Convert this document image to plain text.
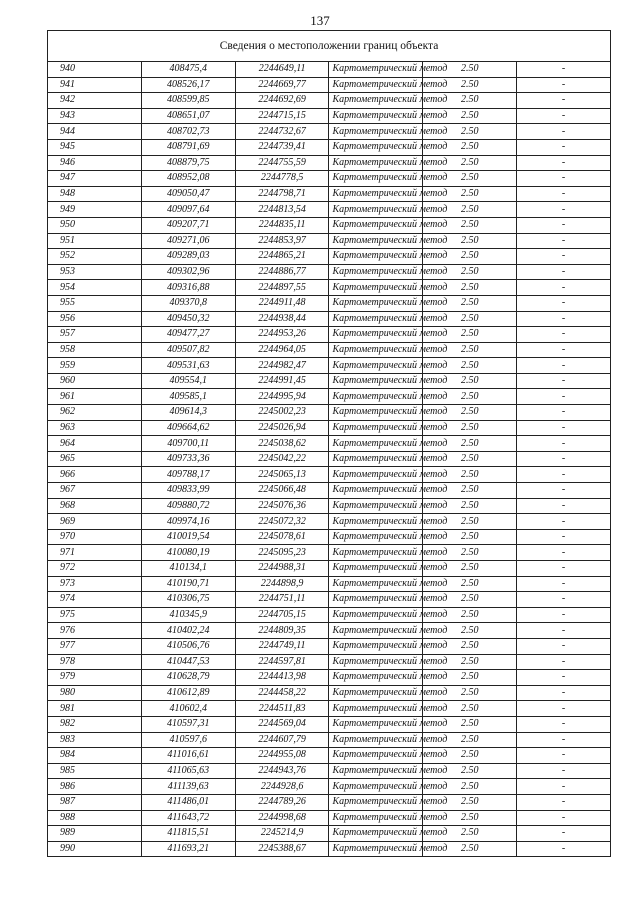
137
Сведения о местоположении границ объекта					
940	408475,4	2244649,11	Картометрический метод	2.50	-
941	408526,17	2244669,77	Картометрический метод	2.50	-
942	408599,85	2244692,69	Картометрический метод	2.50	-
943	408651,07	2244715,15	Картометрический метод	2.50	-
944	408702,73	2244732,67	Картометрический метод	2.50	-
945	408791,69	2244739,41	Картометрический метод	2.50	-
946	408879,75	2244755,59	Картометрический метод	2.50	-
947	408952,08	2244778,5	Картометрический метод	2.50	-
948	409050,47	2244798,71	Картометрический метод	2.50	-
949	409097,64	2244813,54	Картометрический метод	2.50	-
950	409207,71	2244835,11	Картометрический метод	2.50	-
951	409271,06	2244853,97	Картометрический метод	2.50	-
952	409289,03	2244865,21	Картометрический метод	2.50	-
953	409302,96	2244886,77	Картометрический метод	2.50	-
954	409316,88	2244897,55	Картометрический метод	2.50	-
955	409370,8	2244911,48	Картометрический метод	2.50	-
956	409450,32	2244938,44	Картометрический метод	2.50	-
957	409477,27	2244953,26	Картометрический метод	2.50	-
958	409507,82	2244964,05	Картометрический метод	2.50	-
959	409531,63	2244982,47	Картометрический метод	2.50	-
960	409554,1	2244991,45	Картометрический метод	2.50	-
961	409585,1	2244995,94	Картометрический метод	2.50	-
962	409614,3	2245002,23	Картометрический метод	2.50	-
963	409664,62	2245026,94	Картометрический метод	2.50	-
964	409700,11	2245038,62	Картометрический метод	2.50	-
965	409733,36	2245042,22	Картометрический метод	2.50	-
966	409788,17	2245065,13	Картометрический метод	2.50	-
967	409833,99	2245066,48	Картометрический метод	2.50	-
968	409880,72	2245076,36	Картометрический метод	2.50	-
969	409974,16	2245072,32	Картометрический метод	2.50	-
970	410019,54	2245078,61	Картометрический метод	2.50	-
971	410080,19	2245095,23	Картометрический метод	2.50	-
972	410134,1	2244988,31	Картометрический метод	2.50	-
973	410190,71	2244898,9	Картометрический метод	2.50	-
974	410306,75	2244751,11	Картометрический метод	2.50	-
975	410345,9	2244705,15	Картометрический метод	2.50	-
976	410402,24	2244809,35	Картометрический метод	2.50	-
977	410506,76	2244749,11	Картометрический метод	2.50	-
978	410447,53	2244597,81	Картометрический метод	2.50	-
979	410628,79	2244413,98	Картометрический метод	2.50	-
980	410612,89	2244458,22	Картометрический метод	2.50	-
981	410602,4	2244511,83	Картометрический метод	2.50	-
982	410597,31	2244569,04	Картометрический метод	2.50	-
983	410597,6	2244607,79	Картометрический метод	2.50	-
984	411016,61	2244955,08	Картометрический метод	2.50	-
985	411065,63	2244943,76	Картометрический метод	2.50	-
986	411139,63	2244928,6	Картометрический метод	2.50	-
987	411486,01	2244789,26	Картометрический метод	2.50	-
988	411643,72	2244998,68	Картометрический метод	2.50	-
989	411815,51	2245214,9	Картометрический метод	2.50	-
990	411693,21	2245388,67	Картометрический метод	2.50	-
